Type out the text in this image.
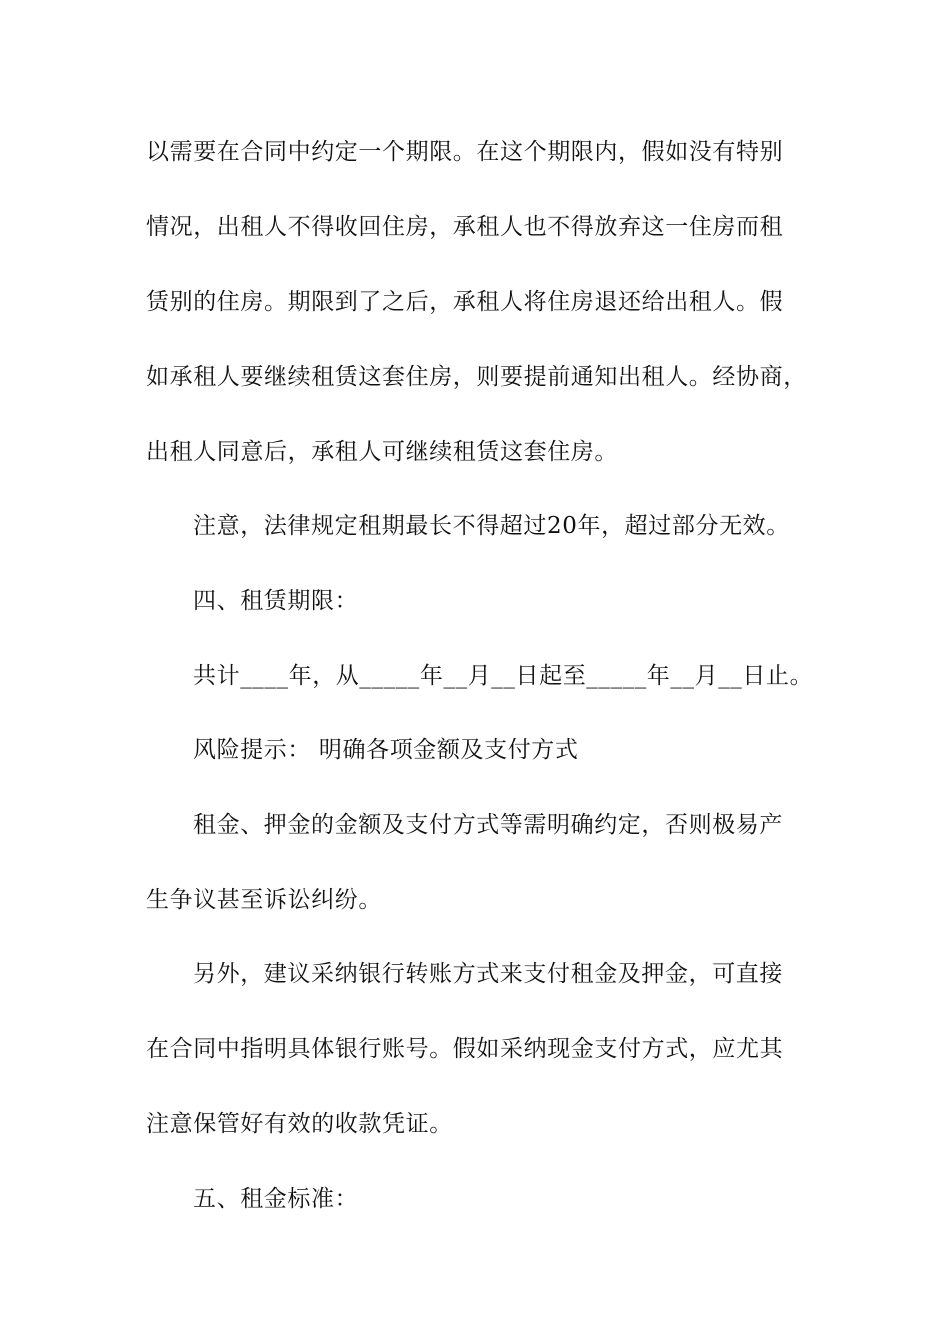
以需要在合同中约定一个期限。在这个期限内，假如没有特别
情况，出租人不得收回住房，承租人也不得放弃这一住房而租
赁别的住房。期限到了之后，承租人将住房退还给出租人。假
如承租人要继续租赁这套住房，则要提前通知出租人。经协商，
出租人同意后，承租人可继续租赁这套住房。
注意，法律规定租期最长不得超过20年，超过部分无效。
四、租赁期限：
共计____年，从_____年__月__日起至_____年__月__日止。
风险提示： 明确各项金额及支付方式
租金、押金的金额及支付方式等需明确约定，否则极易产
生争议甚至诉讼纠纷。
另外，建议采纳银行转账方式来支付租金及押金，可直接
在合同中指明具体银行账号。假如采纳现金支付方式，应尤其
注意保管好有效的收款凭证。
五、租金标准：
